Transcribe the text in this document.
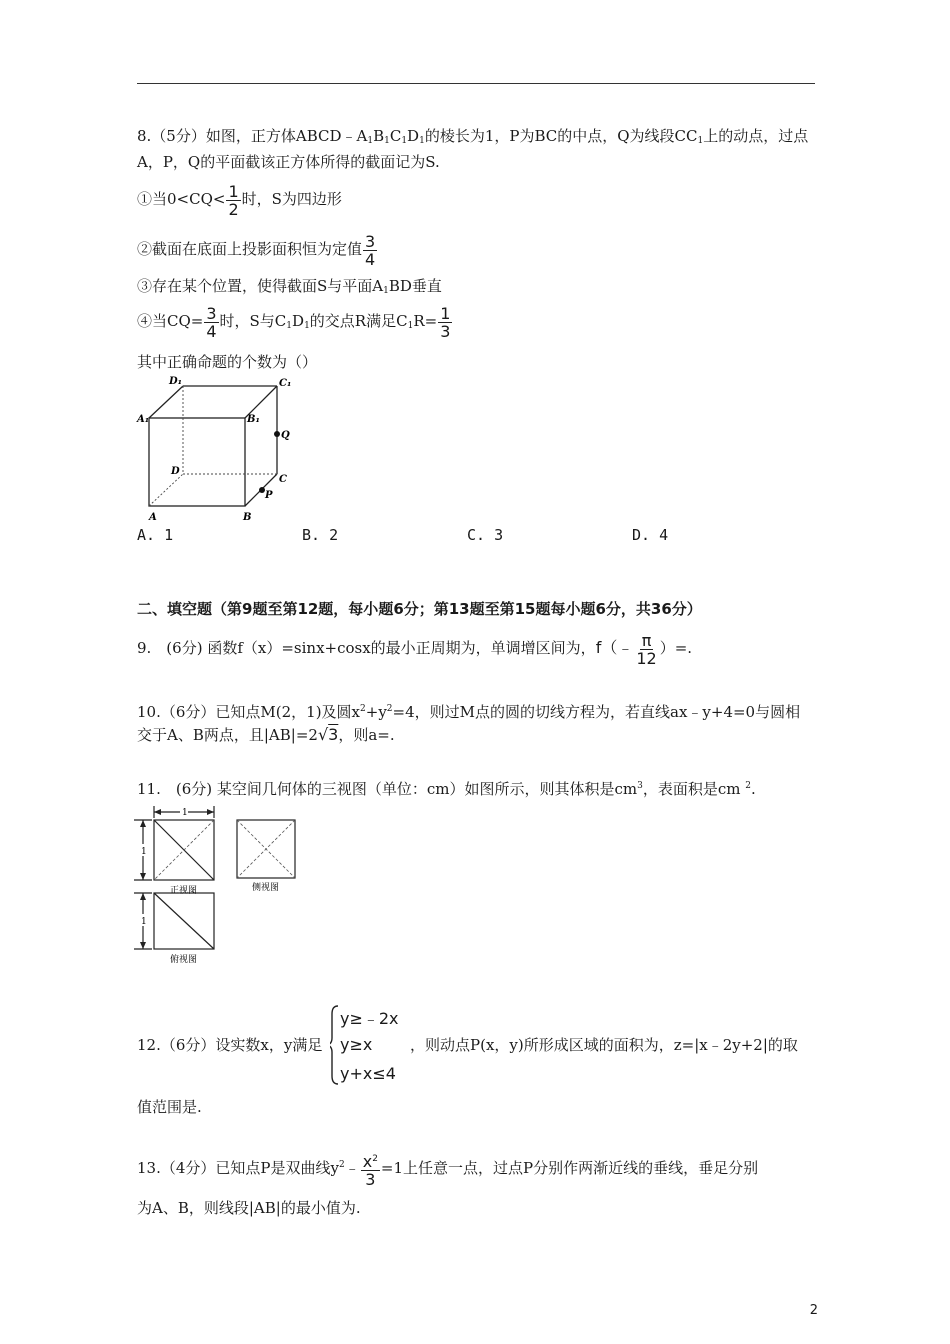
8.（5分）如图，正方体$ABCD﹣A_1B_1C_1D_1$的棱长为1，P为BC的中点，Q为线段$CC_1$上的动点，过点
A，P，Q的平面截该正方体所得的截面记为S.
①当$0<CQ< \frac{1}{2}$ 时，S为四边形
②截面在底面上投影面积恒为定值 $\frac{3}{4}$
③存在某个位置，使得截面S与平面$A_1BD$垂直
④当$CQ= \frac{3}{4}$ 时，S与$C_1D_1$的交点R满足$C_1R= \frac{1}{3}$
其中正确命题的个数为（）
D₁	C₁
A₁	B₁
Q
D
C
P
A	B
A. 1	B. 2	C. 3	D. 4
二、填空题（第9题至第12题，每小题6分；第13题至第15题每小题6分，共36分）
9.　(6分) 函数f（x）=sinx+cosx的最小正周期为，单调增区间为，f（﹣ $\frac{\pi}{12}$ ）=.
10.（6分）已知点M(2，1)及圆$x^2+y^2=4$，则过M点的圆的切线方程为，若直线ax﹣y+4=0与圆相
交于A、B两点，且|AB|=2√3，则a=.
11.　(6分) 某空间几何体的三视图（单位：cm）如图所示，则其体积是$cm^3$，表面积是cm $^2$.
1
1
1
正视图	侧视图
俯视图
y≥﹣2x
y≥x
y+x≤4
12.（6分）设实数x，y满足	，则动点P(x，y)所形成区域的面积为，z=|x﹣2y+2|的取
值范围是.
13.（4分）已知点P是双曲线$y^2﹣ \frac{x^2}{3} =1$上任意一点，过点P分别作两渐近线的垂线，垂足分别
为A、B，则线段|AB|的最小值为.
2
